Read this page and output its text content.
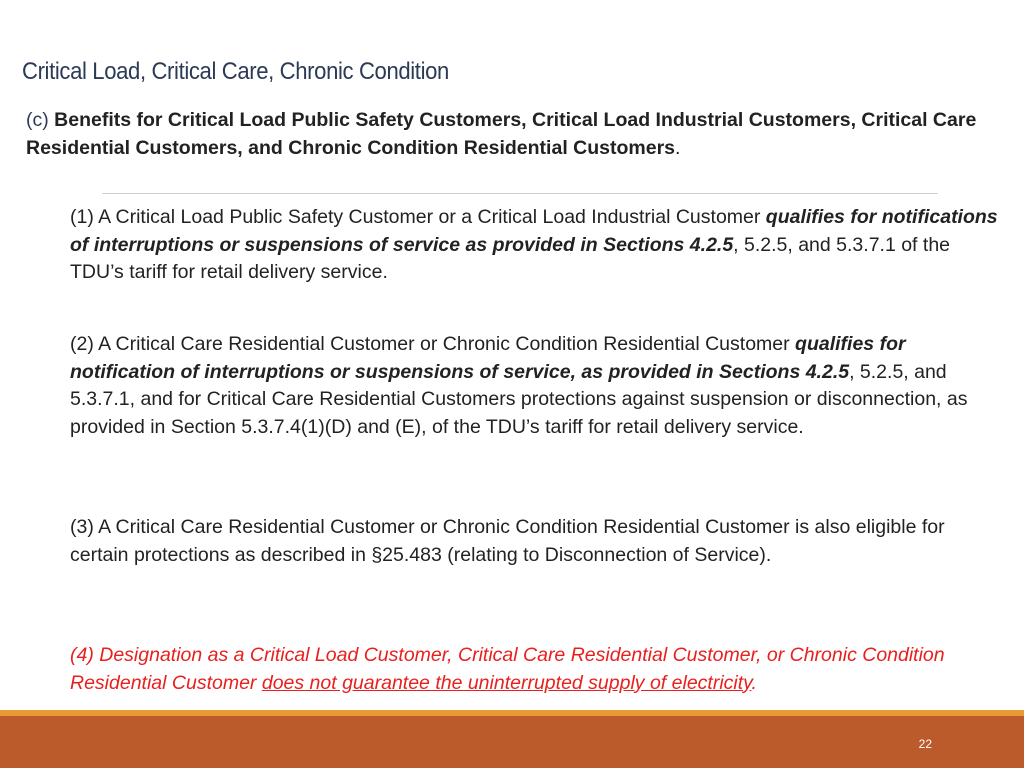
Critical Load, Critical Care, Chronic Condition
(c) Benefits for Critical Load Public Safety Customers, Critical Load Industrial Customers, Critical Care Residential Customers, and Chronic Condition Residential Customers.
(1) A Critical Load Public Safety Customer or a Critical Load Industrial Customer qualifies for notifications of interruptions or suspensions of service as provided in Sections 4.2.5, 5.2.5, and 5.3.7.1 of the TDU’s tariff for retail delivery service.
(2) A Critical Care Residential Customer or Chronic Condition Residential Customer qualifies for notification of interruptions or suspensions of service, as provided in Sections 4.2.5, 5.2.5, and 5.3.7.1, and for Critical Care Residential Customers protections against suspension or disconnection, as provided in Section 5.3.7.4(1)(D) and (E), of the TDU’s tariff for retail delivery service.
(3) A Critical Care Residential Customer or Chronic Condition Residential Customer is also eligible for certain protections as described in §25.483 (relating to Disconnection of Service).
(4) Designation as a Critical Load Customer, Critical Care Residential Customer, or Chronic Condition Residential Customer does not guarantee the uninterrupted supply of electricity.
22
